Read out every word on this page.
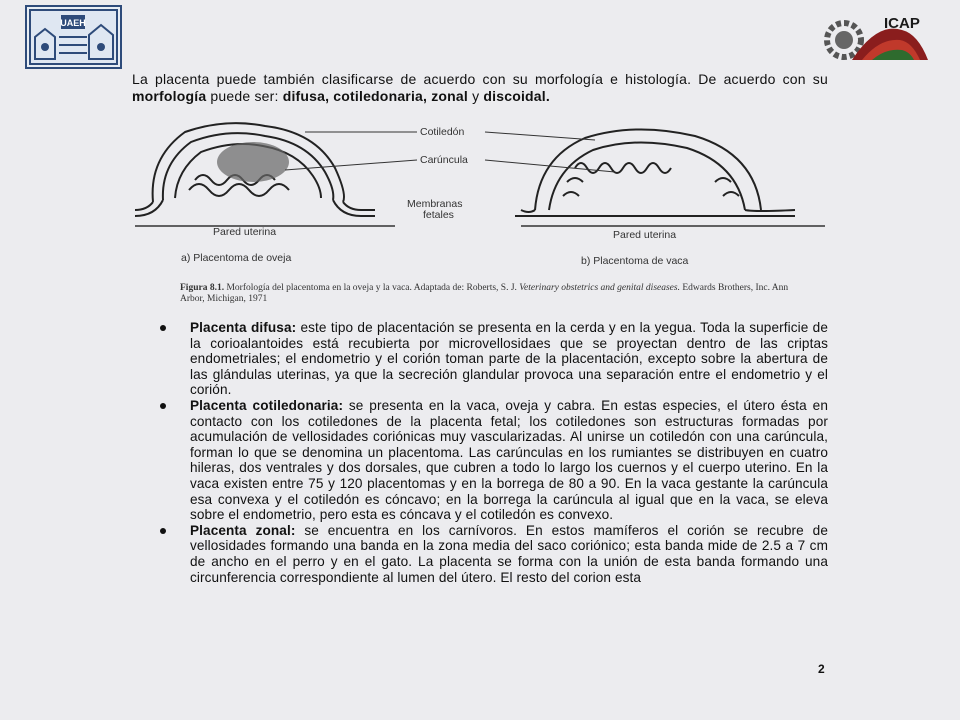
UAEH	ICAP
La placenta puede también clasificarse de acuerdo con su morfología e histología. De acuerdo con su morfología puede ser: difusa, cotiledonaria, zonal y discoidal.
Cotiledón
Carúncula
Membranas
fetales
Pared uterina	Pared uterina
a) Placentoma de oveja	b) Placentoma de vaca
Figura 8.1. Morfología del placentoma en la oveja y la vaca. Adaptada de: Roberts, S. J. Veterinary obstetrics and genital diseases. Edwards Brothers, Inc. Ann Arbor, Michigan, 1971
Placenta difusa: este tipo de placentación se presenta en la cerda y en la yegua. Toda la superficie de la corioalantoides está recubierta por microvellosidaes que se proyectan dentro de las criptas endometriales; el endometrio y el corión toman parte de la placentación, excepto sobre la abertura de las glándulas uterinas, ya que la secreción glandular provoca una separación entre el endometrio y el corión.
Placenta cotiledonaria: se presenta en la vaca, oveja y cabra. En estas especies, el útero ésta en contacto con los cotiledones de la placenta fetal; los cotiledones son estructuras formadas por acumulación de vellosidades coriónicas muy vascularizadas. Al unirse un cotiledón con una carúncula, forman lo que se denomina un placentoma. Las carúnculas en los rumiantes se distribuyen en cuatro hileras, dos ventrales y dos dorsales, que cubren a todo lo largo los cuernos y el cuerpo uterino. En la vaca existen entre 75 y 120 placentomas y en la borrega de 80 a 90. En la vaca gestante la carúncula esa convexa y el cotiledón es cóncavo; en la borrega la carúncula al igual que en la vaca, se eleva sobre el endometrio, pero esta es cóncava y el cotiledón es convexo.
Placenta zonal: se encuentra en los carnívoros. En estos mamíferos el corión se recubre de vellosidades formando una banda en la zona media del saco coriónico; esta banda mide de 2.5 a 7 cm de ancho en el perro y en el gato. La placenta se forma con la unión de esta banda formando una circunferencia correspondiente al lumen del útero. El resto del corion esta
2
